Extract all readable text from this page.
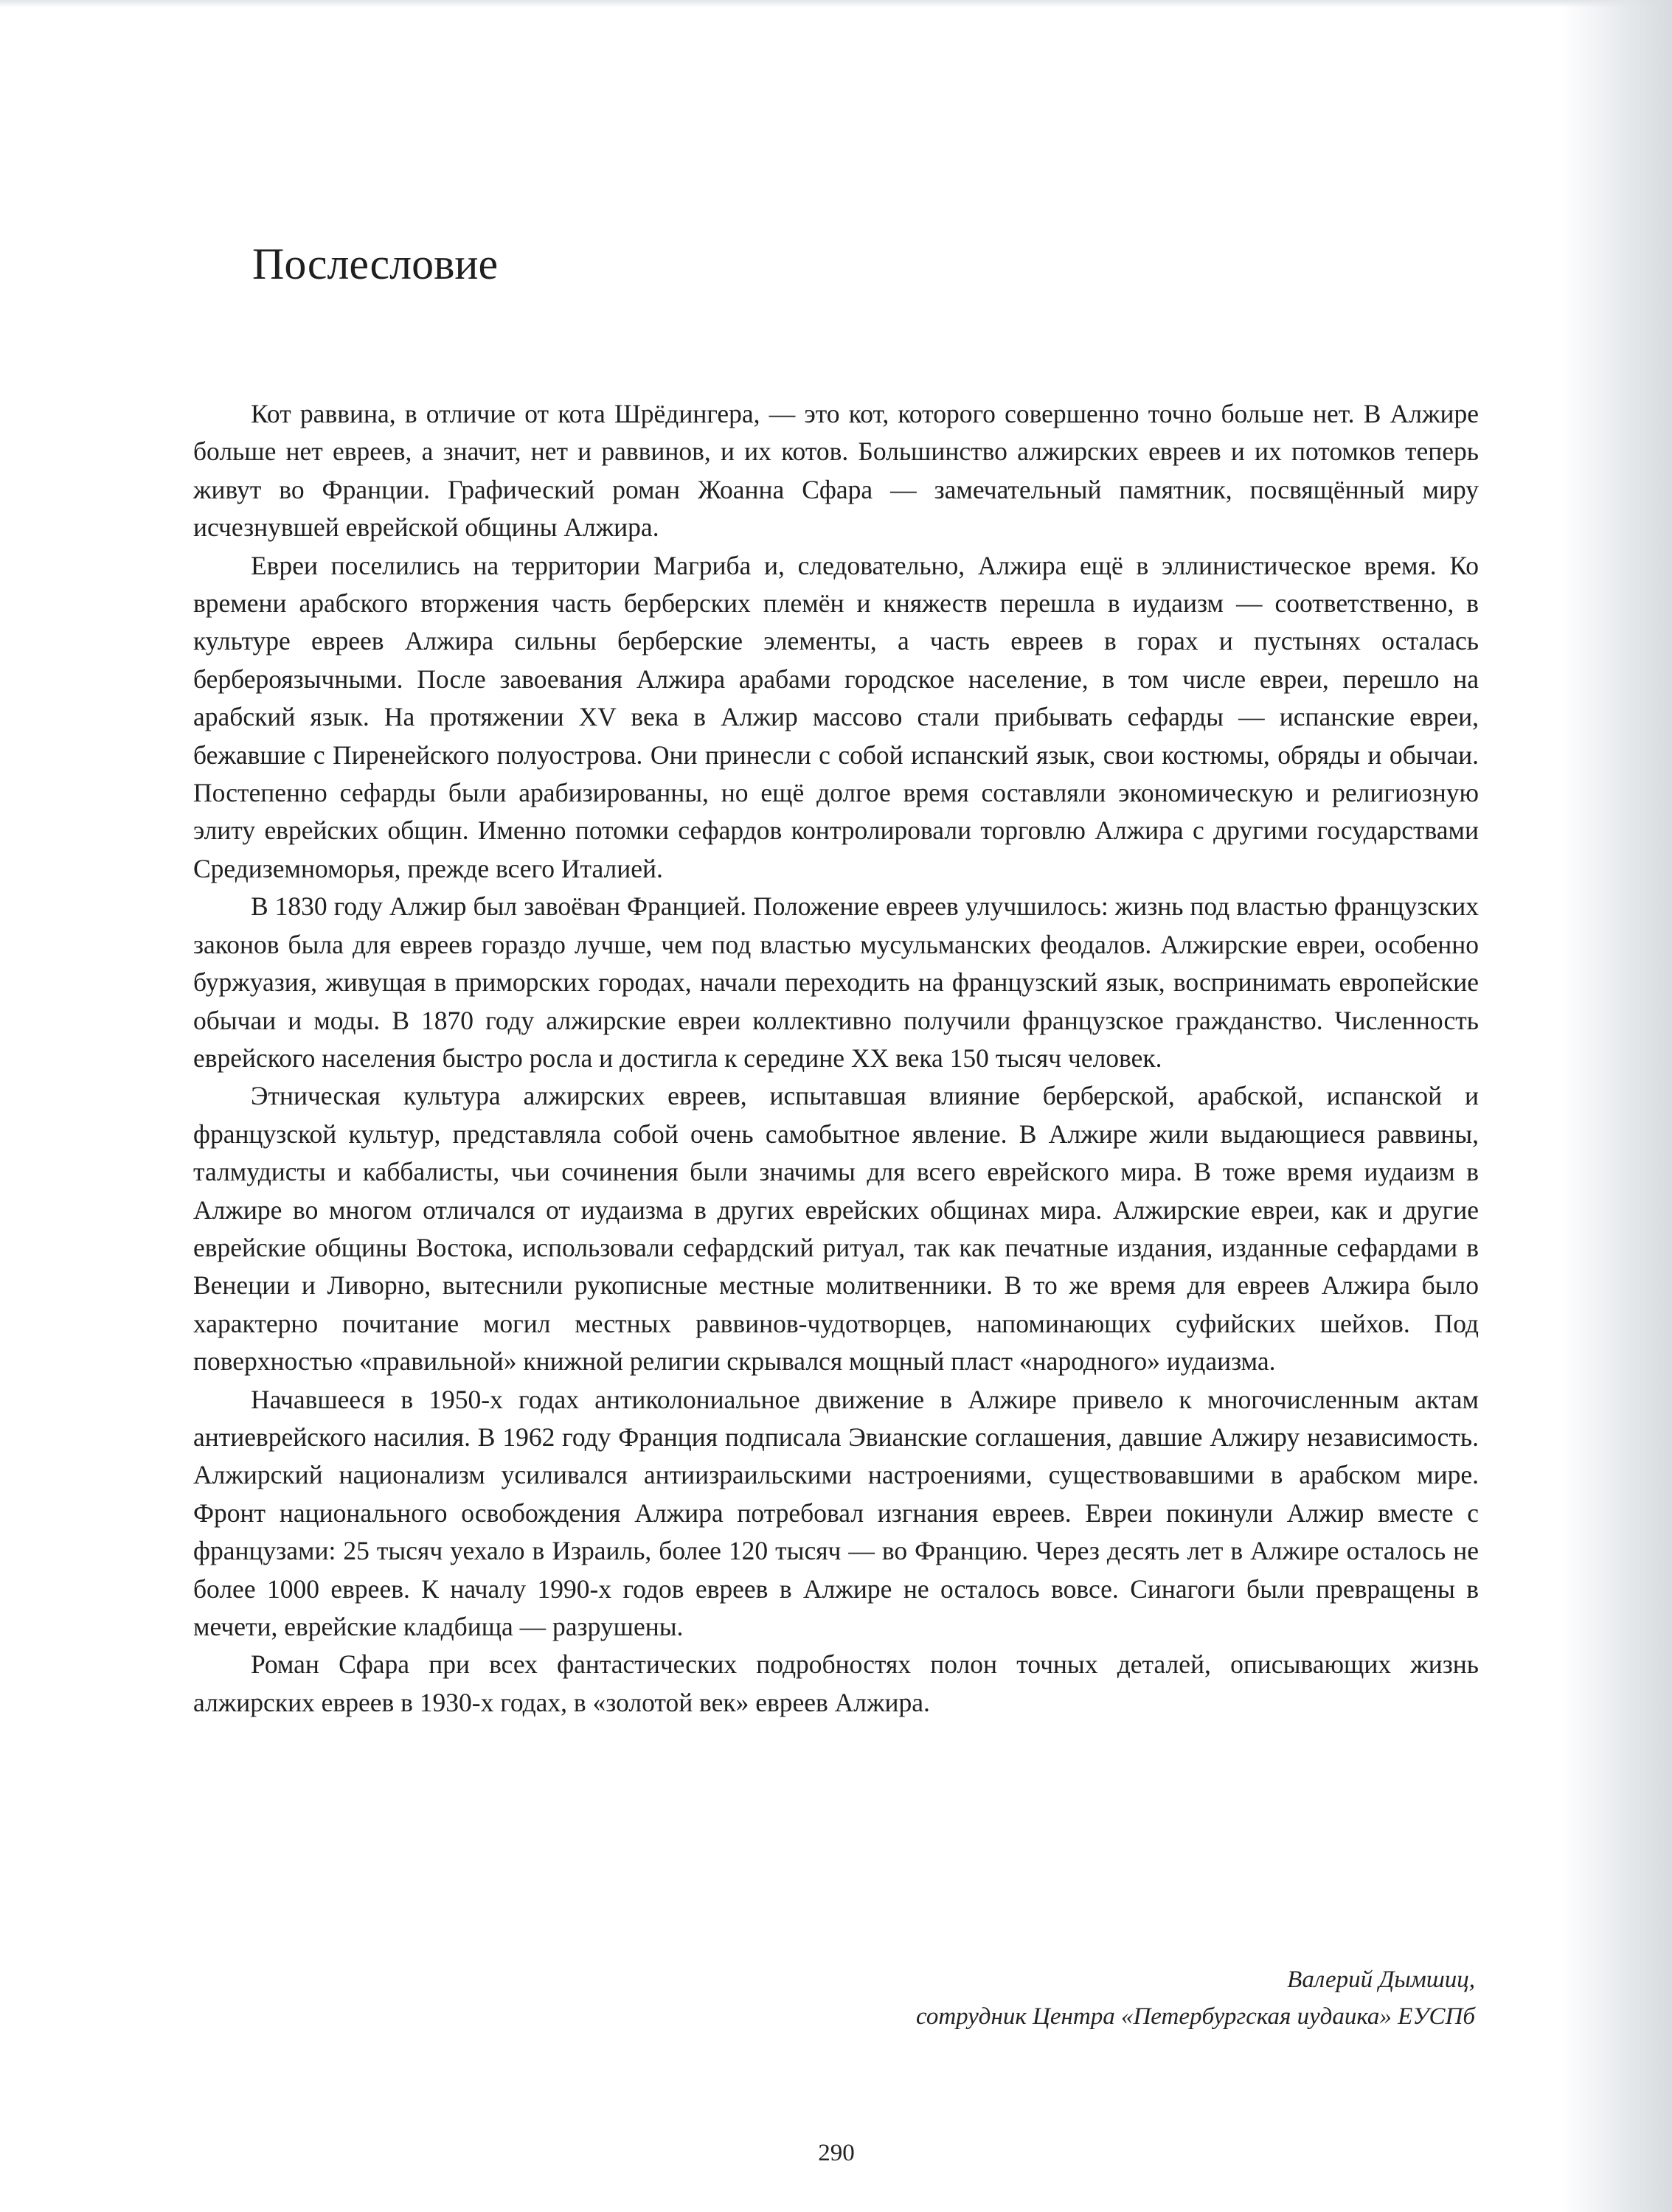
Послесловие

Кот раввина, в отличие от кота Шрёдингера, — это кот, которого совершенно точно больше нет. В Алжире больше нет евреев, а значит, нет и раввинов, и их котов. Большинство алжирских евреев и их потомков теперь живут во Франции. Графический роман Жоанна Сфара — замечательный памятник, посвящённый миру исчезнувшей еврейской общины Алжира.

Евреи поселились на территории Магриба и, следовательно, Алжира ещё в эллинистическое время. Ко времени арабского вторжения часть берберских племён и княжеств перешла в иудаизм — соответственно, в культуре евреев Алжира сильны берберские элементы, а часть евреев в горах и пустынях осталась бербероязычными. После завоевания Алжира арабами городское население, в том числе евреи, перешло на арабский язык. На протяжении XV века в Алжир массово стали прибывать сефарды — испанские евреи, бежавшие с Пиренейского полуострова. Они принесли с собой испанский язык, свои костюмы, обряды и обычаи. Постепенно сефарды были арабизированны, но ещё долгое время составляли экономическую и религиозную элиту еврейских общин. Именно потомки сефардов контролировали торговлю Алжира с другими государствами Средиземноморья, прежде всего Италией.

В 1830 году Алжир был завоёван Францией. Положение евреев улучшилось: жизнь под властью французских законов была для евреев гораздо лучше, чем под властью мусульманских феодалов. Алжирские евреи, особенно буржуазия, живущая в приморских городах, начали переходить на французский язык, воспринимать европейские обычаи и моды. В 1870 году алжирские евреи коллективно получили французское гражданство. Численность еврейского населения быстро росла и достигла к середине XX века 150 тысяч человек.

Этническая культура алжирских евреев, испытавшая влияние берберской, арабской, испанской и французской культур, представляла собой очень самобытное явление. В Алжире жили выдающиеся раввины, талмудисты и каббалисты, чьи сочинения были значимы для всего еврейского мира. В тоже время иудаизм в Алжире во многом отличался от иудаизма в других еврейских общинах мира. Алжирские евреи, как и другие еврейские общины Востока, использовали сефардский ритуал, так как печатные издания, изданные сефардами в Венеции и Ливорно, вытеснили рукописные местные молитвенники. В то же время для евреев Алжира было характерно почитание могил местных раввинов-чудотворцев, напоминающих суфийских шейхов. Под поверхностью «правильной» книжной религии скрывался мощный пласт «народного» иудаизма.

Начавшееся в 1950-х годах антиколониальное движение в Алжире привело к многочисленным актам антиеврейского насилия. В 1962 году Франция подписала Эвианские соглашения, давшие Алжиру независимость. Алжирский национализм усиливался антиизраильскими настроениями, существовавшими в арабском мире. Фронт национального освобождения Алжира потребовал изгнания евреев. Евреи покинули Алжир вместе с французами: 25 тысяч уехало в Израиль, более 120 тысяч — во Францию. Через десять лет в Алжире осталось не более 1000 евреев. К началу 1990-х годов евреев в Алжире не осталось вовсе. Синагоги были превращены в мечети, еврейские кладбища — разрушены.

Роман Сфара при всех фантастических подробностях полон точных деталей, описывающих жизнь алжирских евреев в 1930-х годах, в «золотой век» евреев Алжира.

Валерий Дымшиц,
сотрудник Центра «Петербургская иудаика» ЕУСПб
290
